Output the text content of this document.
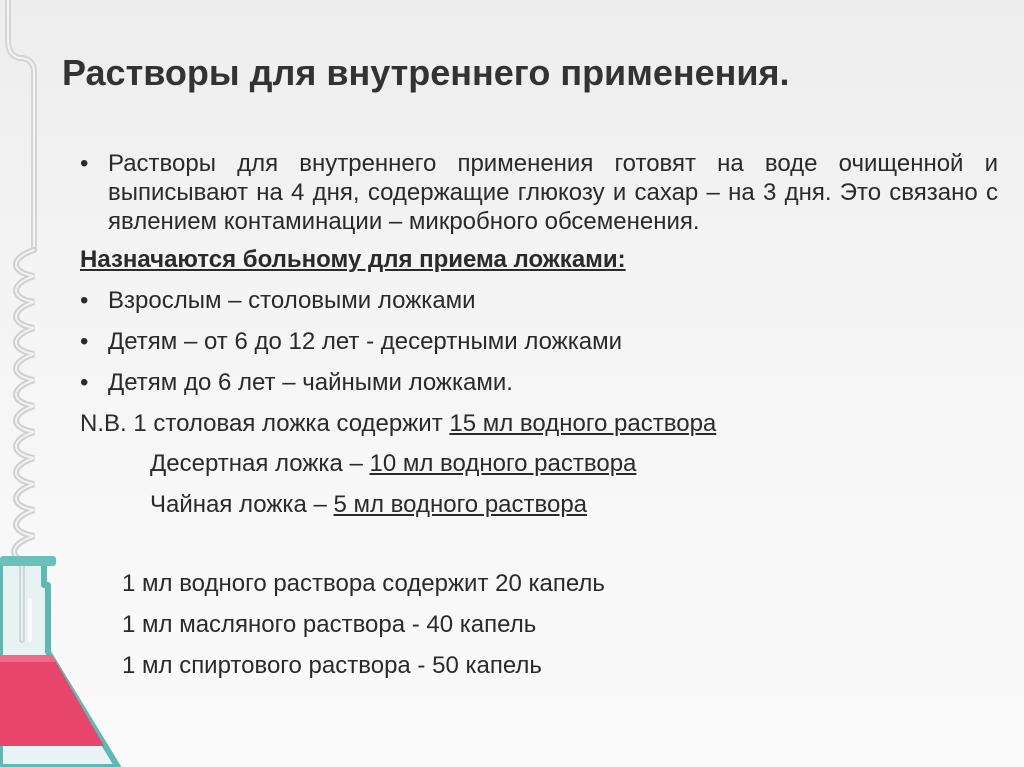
Растворы для внутреннего применения.
• Растворы для внутреннего применения готовят на воде очищенной и выписывают на 4 дня, содержащие глюкозу и сахар – на 3 дня. Это связано с явлением контаминации – микробного обсеменения.
Назначаются больному для приема ложками:
• Взрослым – столовыми ложками
• Детям – от 6 до 12 лет - десертными ложками
• Детям до 6 лет – чайными ложками.
N.B. 1 столовая ложка содержит 15 мл водного раствора
Десертная ложка – 10 мл водного раствора
Чайная ложка – 5 мл водного раствора
1 мл водного раствора содержит 20 капель
1 мл масляного раствора - 40 капель
1 мл спиртового раствора - 50 капель
